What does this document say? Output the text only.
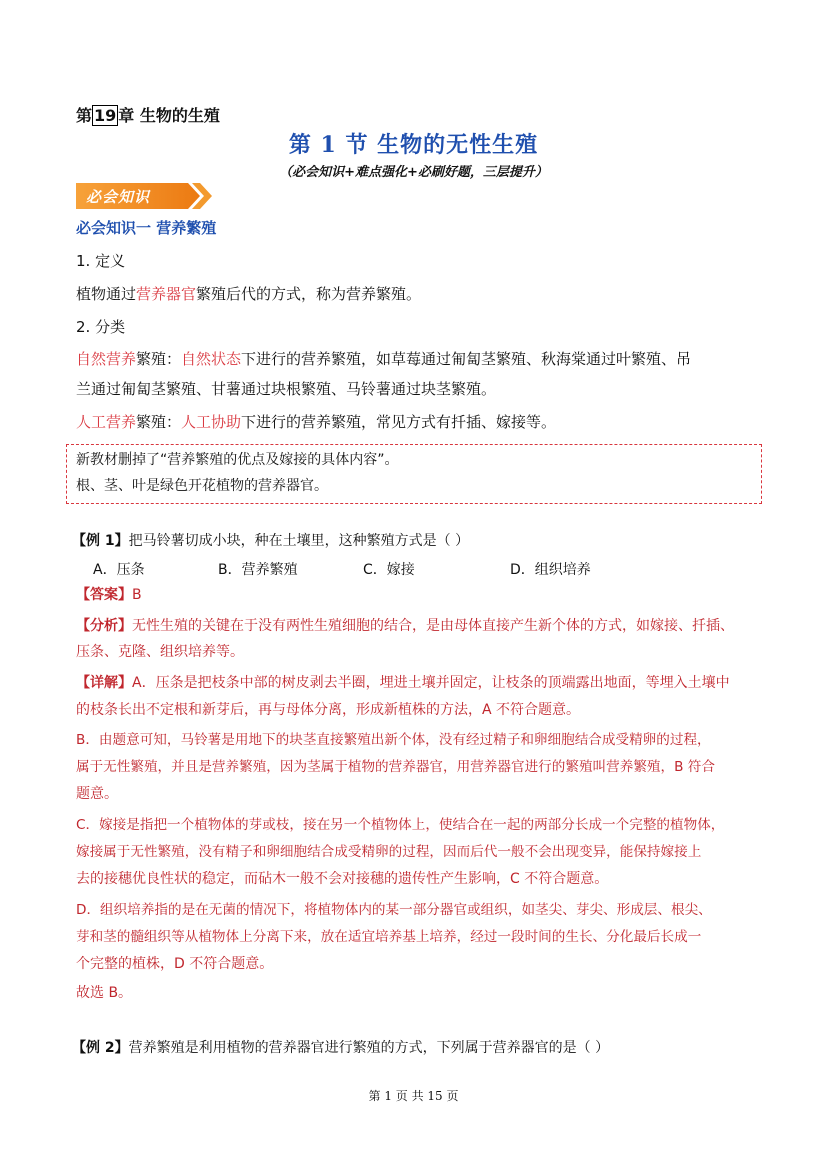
第 19 章 生物的生殖
第 1 节 生物的无性生殖
（必会知识+难点强化+必刷好题，三层提升）
必会知识
必会知识一 营养繁殖
1. 定义
植物通过营养器官繁殖后代的方式，称为营养繁殖。
2. 分类
自然营养繁殖：自然状态下进行的营养繁殖，如草莓通过匍匐茎繁殖、秋海棠通过叶繁殖、吊
兰通过匍匐茎繁殖、甘薯通过块根繁殖、马铃薯通过块茎繁殖。
人工营养繁殖：人工协助下进行的营养繁殖，常见方式有扦插、嫁接等。
新教材删掉了“营养繁殖的优点及嫁接的具体内容”。
根、茎、叶是绿色开花植物的营养器官。
【例 1】把马铃薯切成小块，种在土壤里，这种繁殖方式是（ ）
A．压条	B．营养繁殖	C．嫁接	D．组织培养
【答案】B
【分析】无性生殖的关键在于没有两性生殖细胞的结合，是由母体直接产生新个体的方式，如嫁接、扦插、
压条、克隆、组织培养等。
【详解】A．压条是把枝条中部的树皮剥去半圈，埋进土壤并固定，让枝条的顶端露出地面，等埋入土壤中
的枝条长出不定根和新芽后，再与母体分离，形成新植株的方法，A 不符合题意。
B．由题意可知，马铃薯是用地下的块茎直接繁殖出新个体，没有经过精子和卵细胞结合成受精卵的过程，
属于无性繁殖，并且是营养繁殖，因为茎属于植物的营养器官，用营养器官进行的繁殖叫营养繁殖，B 符合
题意。
C．嫁接是指把一个植物体的芽或枝，接在另一个植物体上，使结合在一起的两部分长成一个完整的植物体，
嫁接属于无性繁殖，没有精子和卵细胞结合成受精卵的过程，因而后代一般不会出现变异，能保持嫁接上
去的接穗优良性状的稳定，而砧木一般不会对接穗的遗传性产生影响，C 不符合题意。
D．组织培养指的是在无菌的情况下，将植物体内的某一部分器官或组织，如茎尖、芽尖、形成层、根尖、
芽和茎的髓组织等从植物体上分离下来，放在适宜培养基上培养，经过一段时间的生长、分化最后长成一
个完整的植株，D 不符合题意。
故选 B。
【例 2】营养繁殖是利用植物的营养器官进行繁殖的方式，下列属于营养器官的是（ ）
第 1 页 共 15 页
